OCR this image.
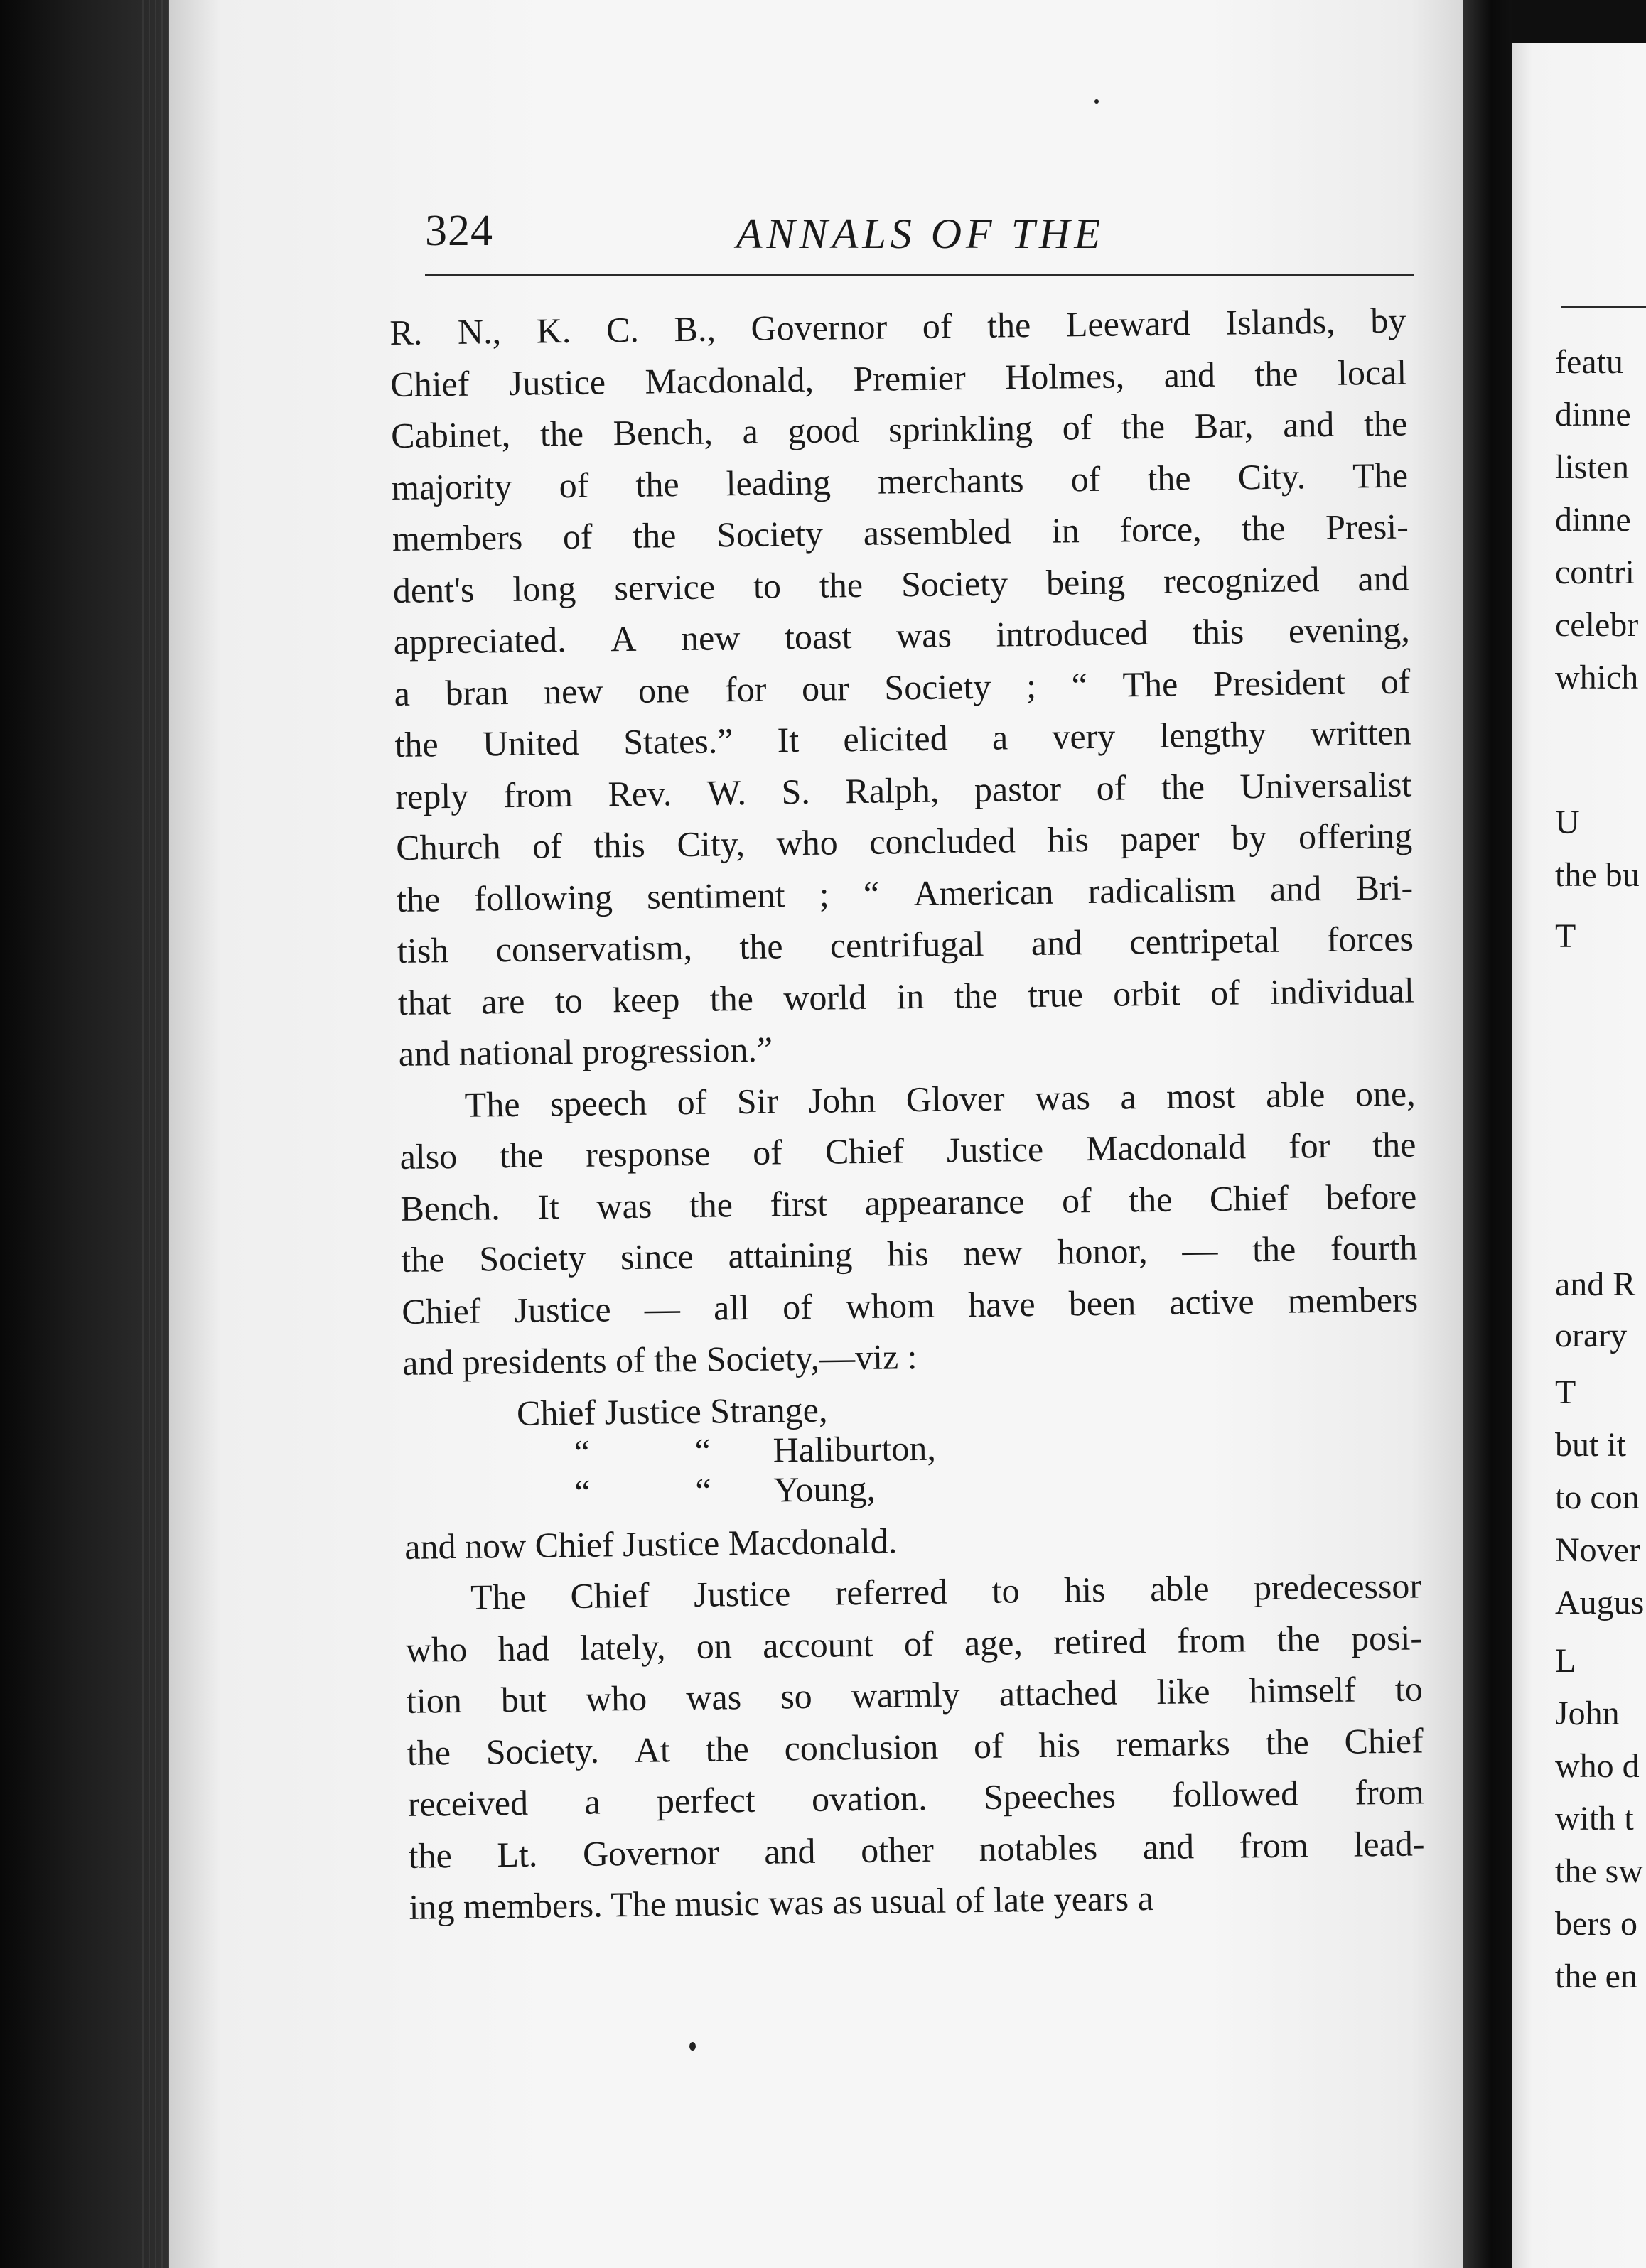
324	ANNALS OF THE
R. N., K. C. B., Governor of the Leeward Islands, by
Chief Justice Macdonald, Premier Holmes, and the local
Cabinet, the Bench, a good sprinkling of the Bar, and the
majority of the leading merchants of the City. The
members of the Society assembled in force, the Presi-
dent's long service to the Society being recognized and
appreciated. A new toast was introduced this evening,
a bran new one for our Society ; “ The President of
the United States.” It elicited a very lengthy written
reply from Rev. W. S. Ralph, pastor of the Universalist
Church of this City, who concluded his paper by offering
the following sentiment ; “ American radicalism and Bri-
tish conservatism, the centrifugal and centripetal forces
that are to keep the world in the true orbit of individual
and national progression.”
The speech of Sir John Glover was a most able one,
also the response of Chief Justice Macdonald for the
Bench. It was the first appearance of the Chief before
the Society since attaining his new honor, — the fourth
Chief Justice — all of whom have been active members
and presidents of the Society,—viz :
Chief Justice Strange,
“	“ Haliburton,
“	“ Young,
and now Chief Justice Macdonald.
The Chief Justice referred to his able predecessor
who had lately, on account of age, retired from the posi-
tion but who was so warmly attached like himself to
the Society. At the conclusion of his remarks the Chief
received a perfect ovation. Speeches followed from
the Lt. Governor and other notables and from lead-
ing members. The music was as usual of late years a
featu
dinne
listen
dinne
contri
celebr
which
U
the bu
T
and R
orary
T
but it
to con
Nover
Augus
L
John
who d
with t
the sw
bers o
the en
